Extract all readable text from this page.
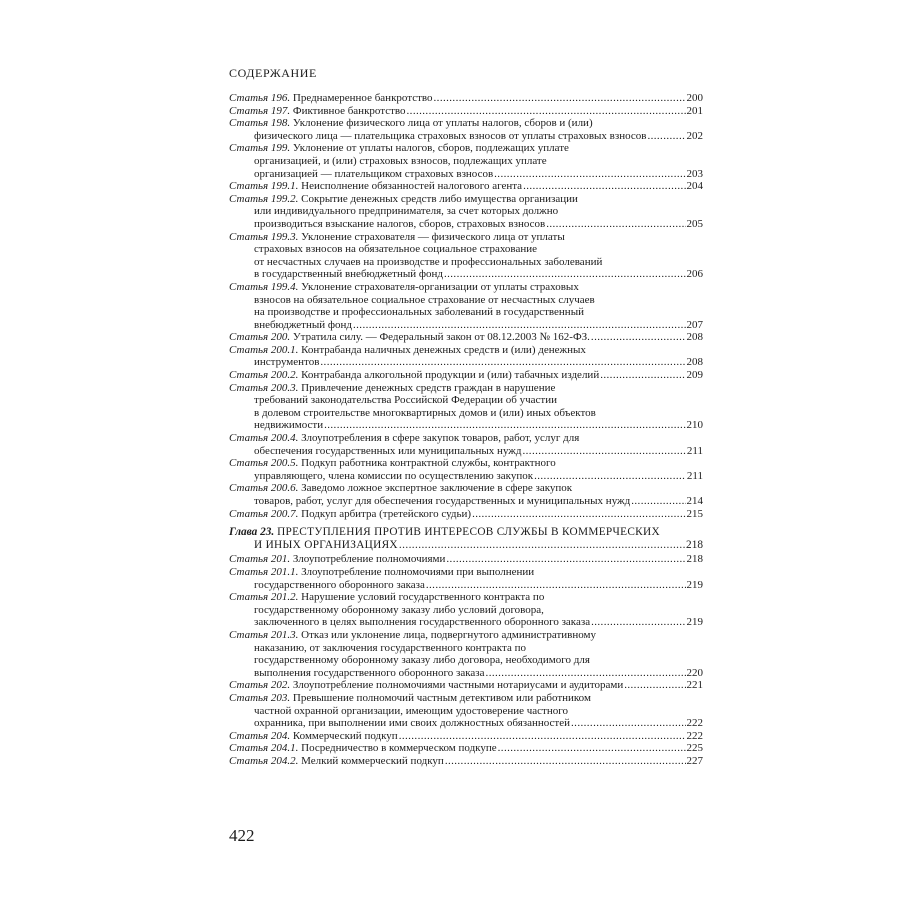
СОДЕРЖАНИЕ
Статья 196. Преднамеренное банкротство .....	200
Статья 197. Фиктивное банкротство .....	201
Статья 198. Уклонение физического лица от уплаты налогов, сборов и (или)
физического лица — плательщика страховых взносов от уплаты страховых взносов .....	202
Статья 199. Уклонение от уплаты налогов, сборов, подлежащих уплате
организацией, и (или) страховых взносов, подлежащих уплате
организацией — плательщиком страховых взносов .....	203
Статья 199.1. Неисполнение обязанностей налогового агента .....	204
Статья 199.2. Сокрытие денежных средств либо имущества организации
или индивидуального предпринимателя, за счет которых должно
производиться взыскание налогов, сборов, страховых взносов .....	205
Статья 199.3. Уклонение страхователя — физического лица от уплаты
страховых взносов на обязательное социальное страхование
от несчастных случаев на производстве и профессиональных заболеваний
в государственный внебюджетный фонд .....	206
Статья 199.4. Уклонение страхователя-организации от уплаты страховых
взносов на обязательное социальное страхование от несчастных случаев
на производстве и профессиональных заболеваний в государственный
внебюджетный фонд .....	207
Статья 200. Утратила силу. — Федеральный закон от 08.12.2003 № 162-ФЗ. .....	208
Статья 200.1. Контрабанда наличных денежных средств и (или) денежных
инструментов .....	208
Статья 200.2. Контрабанда алкогольной продукции и (или) табачных изделий .....	209
Статья 200.3. Привлечение денежных средств граждан в нарушение
требований законодательства Российской Федерации об участии
в долевом строительстве многоквартирных домов и (или) иных объектов
недвижимости .....	210
Статья 200.4. Злоупотребления в сфере закупок товаров, работ, услуг для
обеспечения государственных или муниципальных нужд .....	211
Статья 200.5. Подкуп работника контрактной службы, контрактного
управляющего, члена комиссии по осуществлению закупок .....	211
Статья 200.6. Заведомо ложное экспертное заключение в сфере закупок
товаров, работ, услуг для обеспечения государственных и муниципальных нужд .....	214
Статья 200.7. Подкуп арбитра (третейского судьи) .....	215
Глава 23. ПРЕСТУПЛЕНИЯ ПРОТИВ ИНТЕРЕСОВ СЛУЖБЫ В КОММЕРЧЕСКИХ
И ИНЫХ ОРГАНИЗАЦИЯХ .....	218
Статья 201. Злоупотребление полномочиями .....	218
Статья 201.1. Злоупотребление полномочиями при выполнении
государственного оборонного заказа .....	219
Статья 201.2. Нарушение условий государственного контракта по
государственному оборонному заказу либо условий договора,
заключенного в целях выполнения государственного оборонного заказа .....	219
Статья 201.3. Отказ или уклонение лица, подвергнутого административному
наказанию, от заключения государственного контракта по
государственному оборонному заказу либо договора, необходимого для
выполнения государственного оборонного заказа .....	220
Статья 202. Злоупотребление полномочиями частными нотариусами и аудиторами .....	221
Статья 203. Превышение полномочий частным детективом или работником
частной охранной организации, имеющим удостоверение частного
охранника, при выполнении ими своих должностных обязанностей .....	222
Статья 204. Коммерческий подкуп .....	222
Статья 204.1. Посредничество в коммерческом подкупе .....	225
Статья 204.2. Мелкий коммерческий подкуп .....	227
422
